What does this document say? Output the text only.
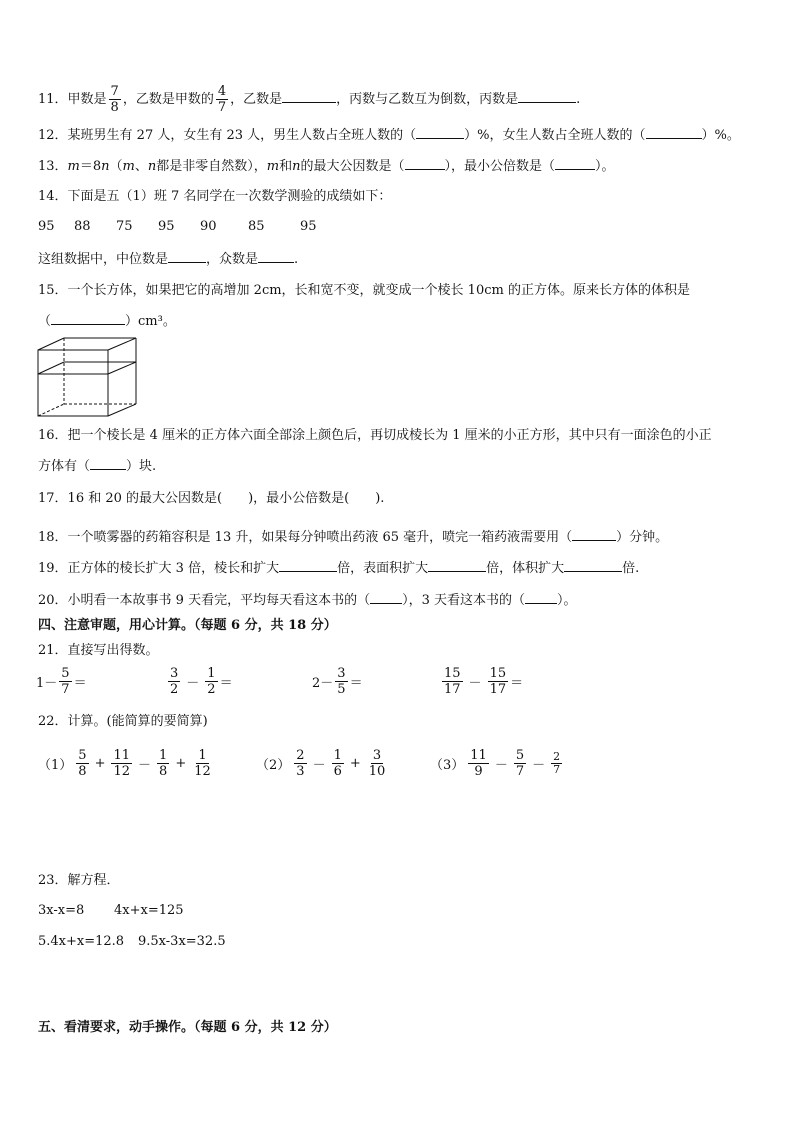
11．甲数是 $\frac{7}{8}$ ，乙数是甲数的 $\frac{4}{7}$ ，乙数是	，丙数与乙数互为倒数，丙数是	.
12．某班男生有 27 人，女生有 23 人，男生人数占全班人数的（	）%，女生人数占全班人数的（	）%。
13．m＝8n（m、n都是非零自然数），m和n的最大公因数是（	），最小公倍数是（	）。
14．下面是五（1）班 7 名同学在一次数学测验的成绩如下：
95 88 75 95 90 85	95
这组数据中，中位数是	，众数是	.
15．一个长方体，如果把它的高增加 2cm，长和宽不变，就变成一个棱长 10cm 的正方体。原来长方体的体积是
（	）cm³。
16．把一个棱长是 4 厘米的正方体六面全部涂上颜色后，再切成棱长为 1 厘米的小正方形，其中只有一面涂色的小正
方体有（	）块.
17．16 和 20 的最大公因数是(　　)，最小公倍数是(　　).
18．一个喷雾器的药箱容积是 13 升，如果每分钟喷出药液 65 毫升，喷完一箱药液需要用（	）分钟。
19．正方体的棱长扩大 3 倍，棱长和扩大	倍，表面积扩大	倍，体积扩大	倍.
20．小明看一本故事书 9 天看完，平均每天看这本书的（ ），3 天看这本书的（ ）。
四、注意审题，用心计算。（每题 6 分，共 18 分）
21．直接写出得数。
$1- \frac{5}{7}$ ＝	$\frac{3}{2} - \frac{1}{2}$ ＝	$2- \frac{3}{5}$ ＝	$\frac{15}{17} - \frac{15}{17}$ ＝
22．计算。(能简算的要简算)
$(1) \frac{5}{8} + \frac{11}{12} - \frac{1}{8} + \frac{1}{12}$	$(2) \frac{2}{3} - \frac{1}{6} + \frac{3}{10}$	$(3) \frac{11}{9} - \frac{5}{7} - \frac{2}{7}$
23．解方程．
3x-x=8 4x+x=125
5.4x+x=12.8 9.5x-3x=32.5
五、看清要求，动手操作。（每题 6 分，共 12 分）
